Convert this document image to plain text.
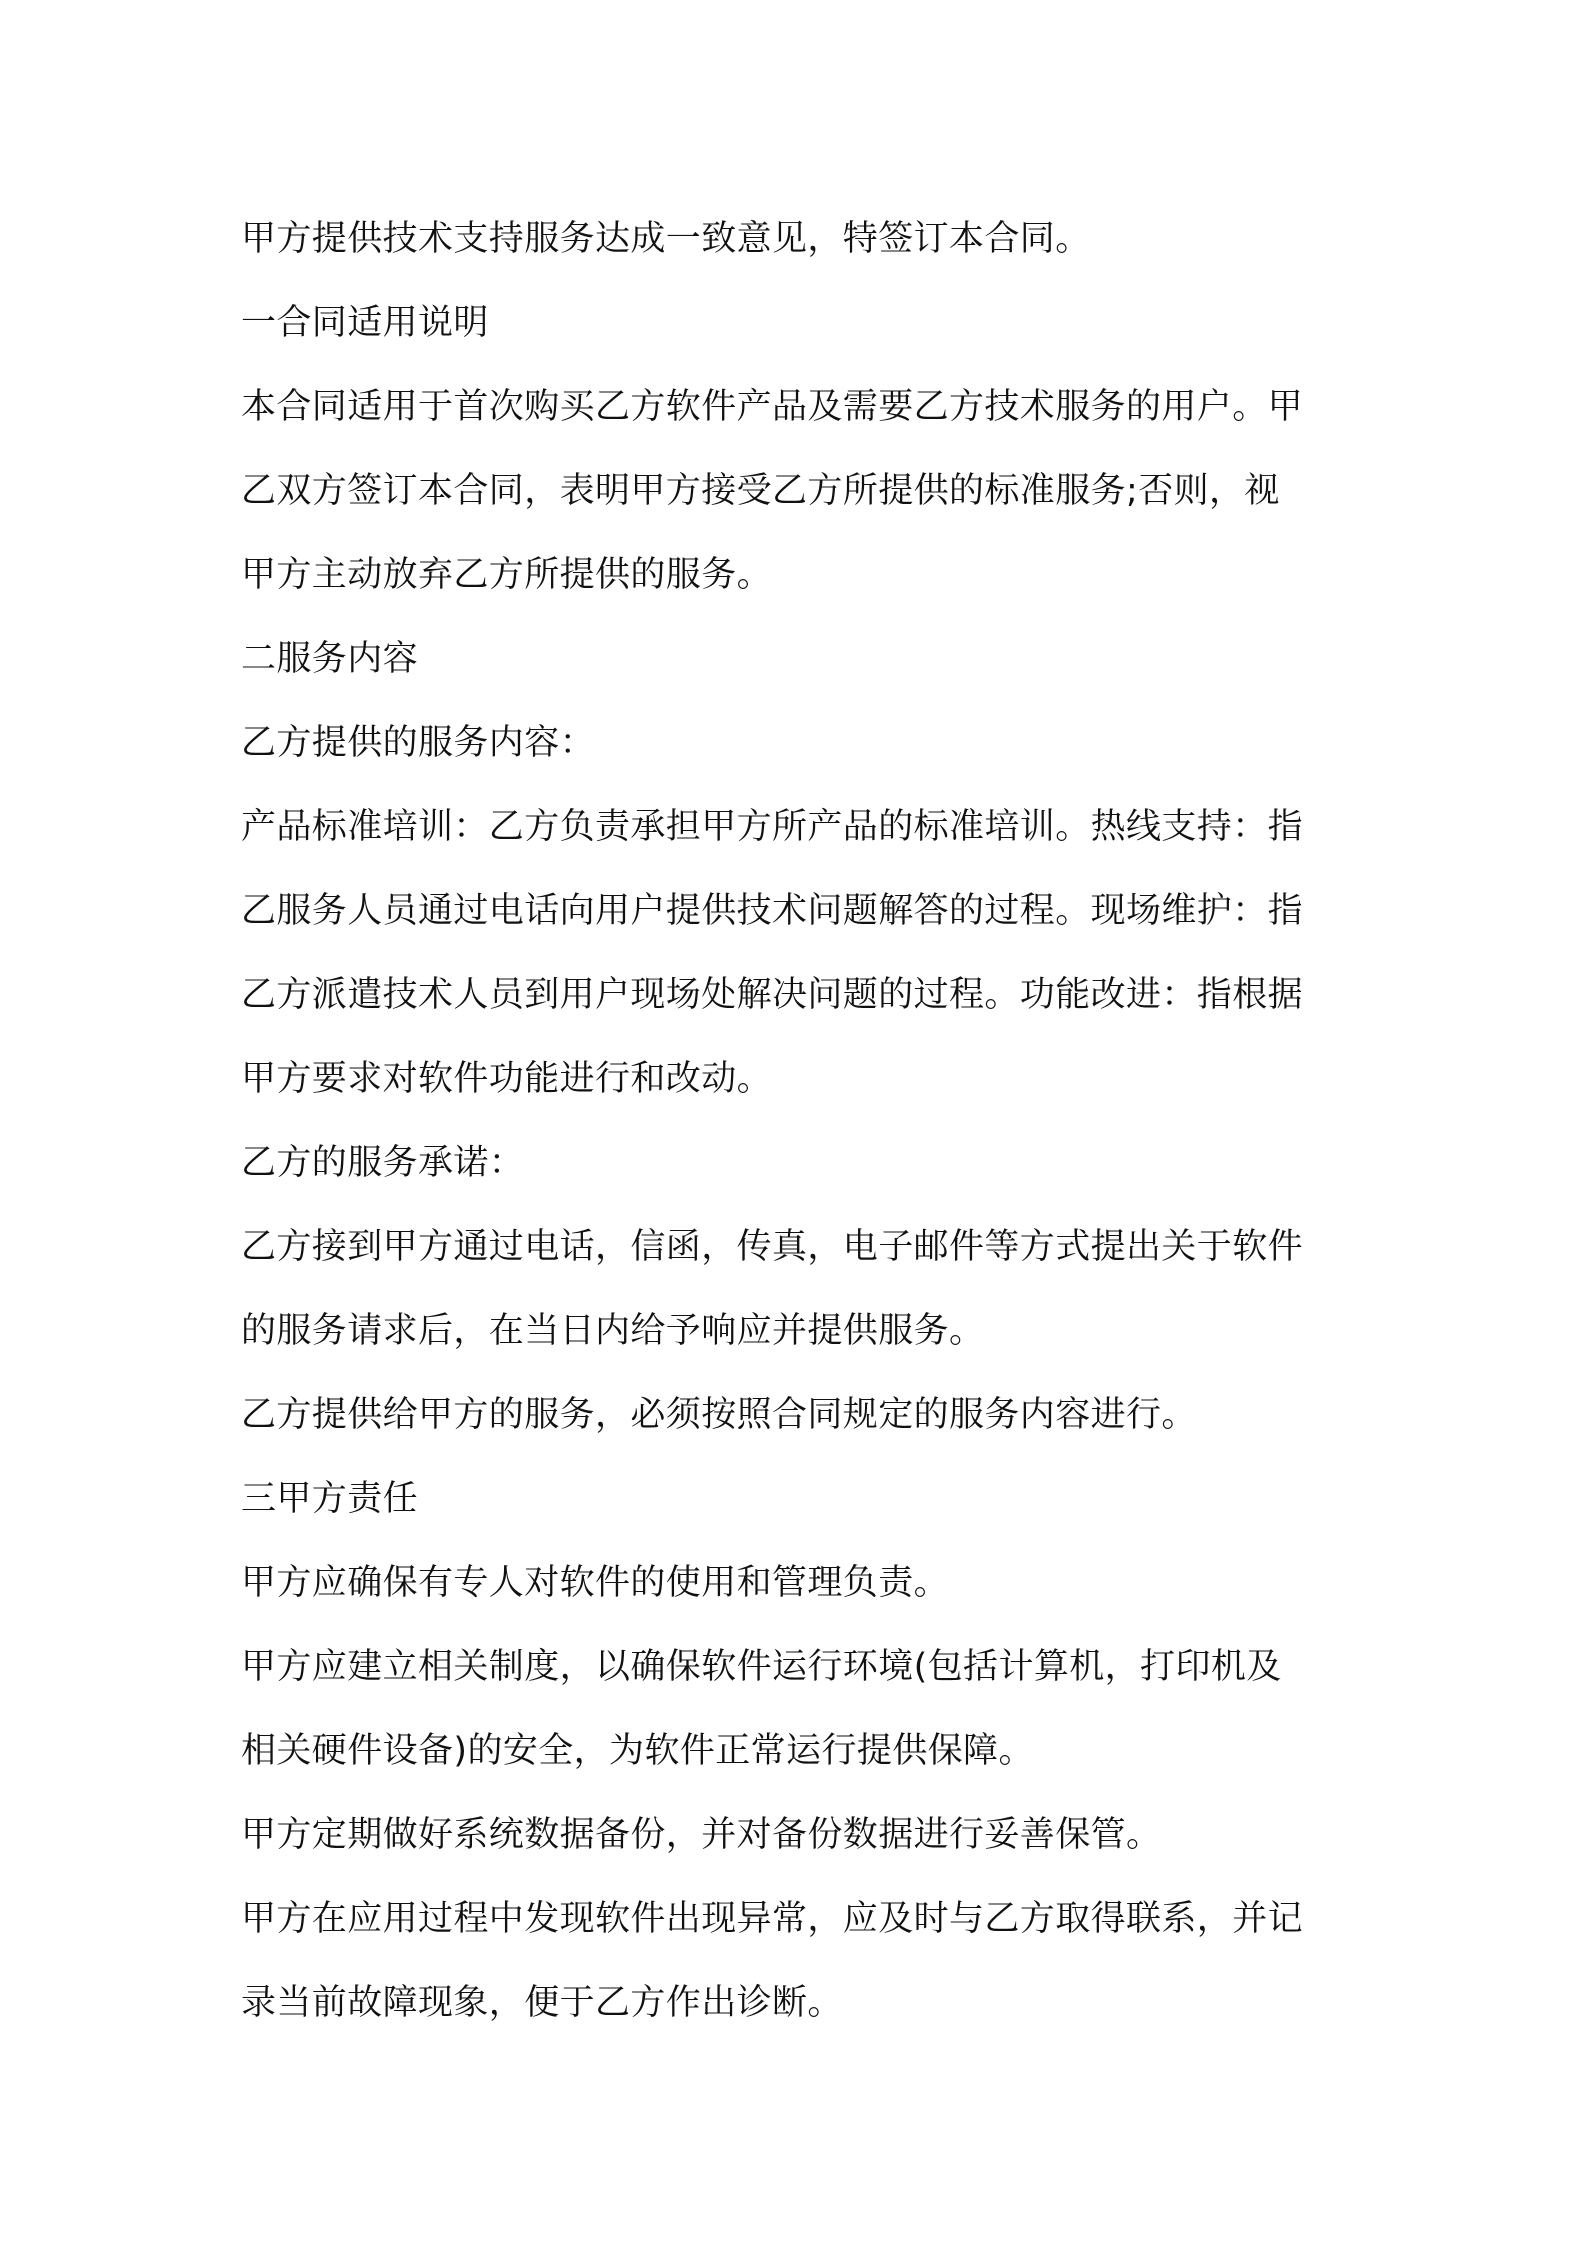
甲方提供技术支持服务达成一致意见，特签订本合同。

一合同适用说明

本合同适用于首次购买乙方软件产品及需要乙方技术服务的用户。甲

乙双方签订本合同，表明甲方接受乙方所提供的标准服务;否则，视

甲方主动放弃乙方所提供的服务。

二服务内容

乙方提供的服务内容：

产品标准培训：乙方负责承担甲方所产品的标准培训。热线支持：指

乙服务人员通过电话向用户提供技术问题解答的过程。现场维护：指

乙方派遣技术人员到用户现场处解决问题的过程。功能改进：指根据

甲方要求对软件功能进行和改动。

乙方的服务承诺：

乙方接到甲方通过电话，信函，传真，电子邮件等方式提出关于软件

的服务请求后，在当日内给予响应并提供服务。

乙方提供给甲方的服务，必须按照合同规定的服务内容进行。

三甲方责任

甲方应确保有专人对软件的使用和管理负责。

甲方应建立相关制度，以确保软件运行环境(包括计算机，打印机及

相关硬件设备)的安全，为软件正常运行提供保障。

甲方定期做好系统数据备份，并对备份数据进行妥善保管。

甲方在应用过程中发现软件出现异常，应及时与乙方取得联系，并记

录当前故障现象，便于乙方作出诊断。
